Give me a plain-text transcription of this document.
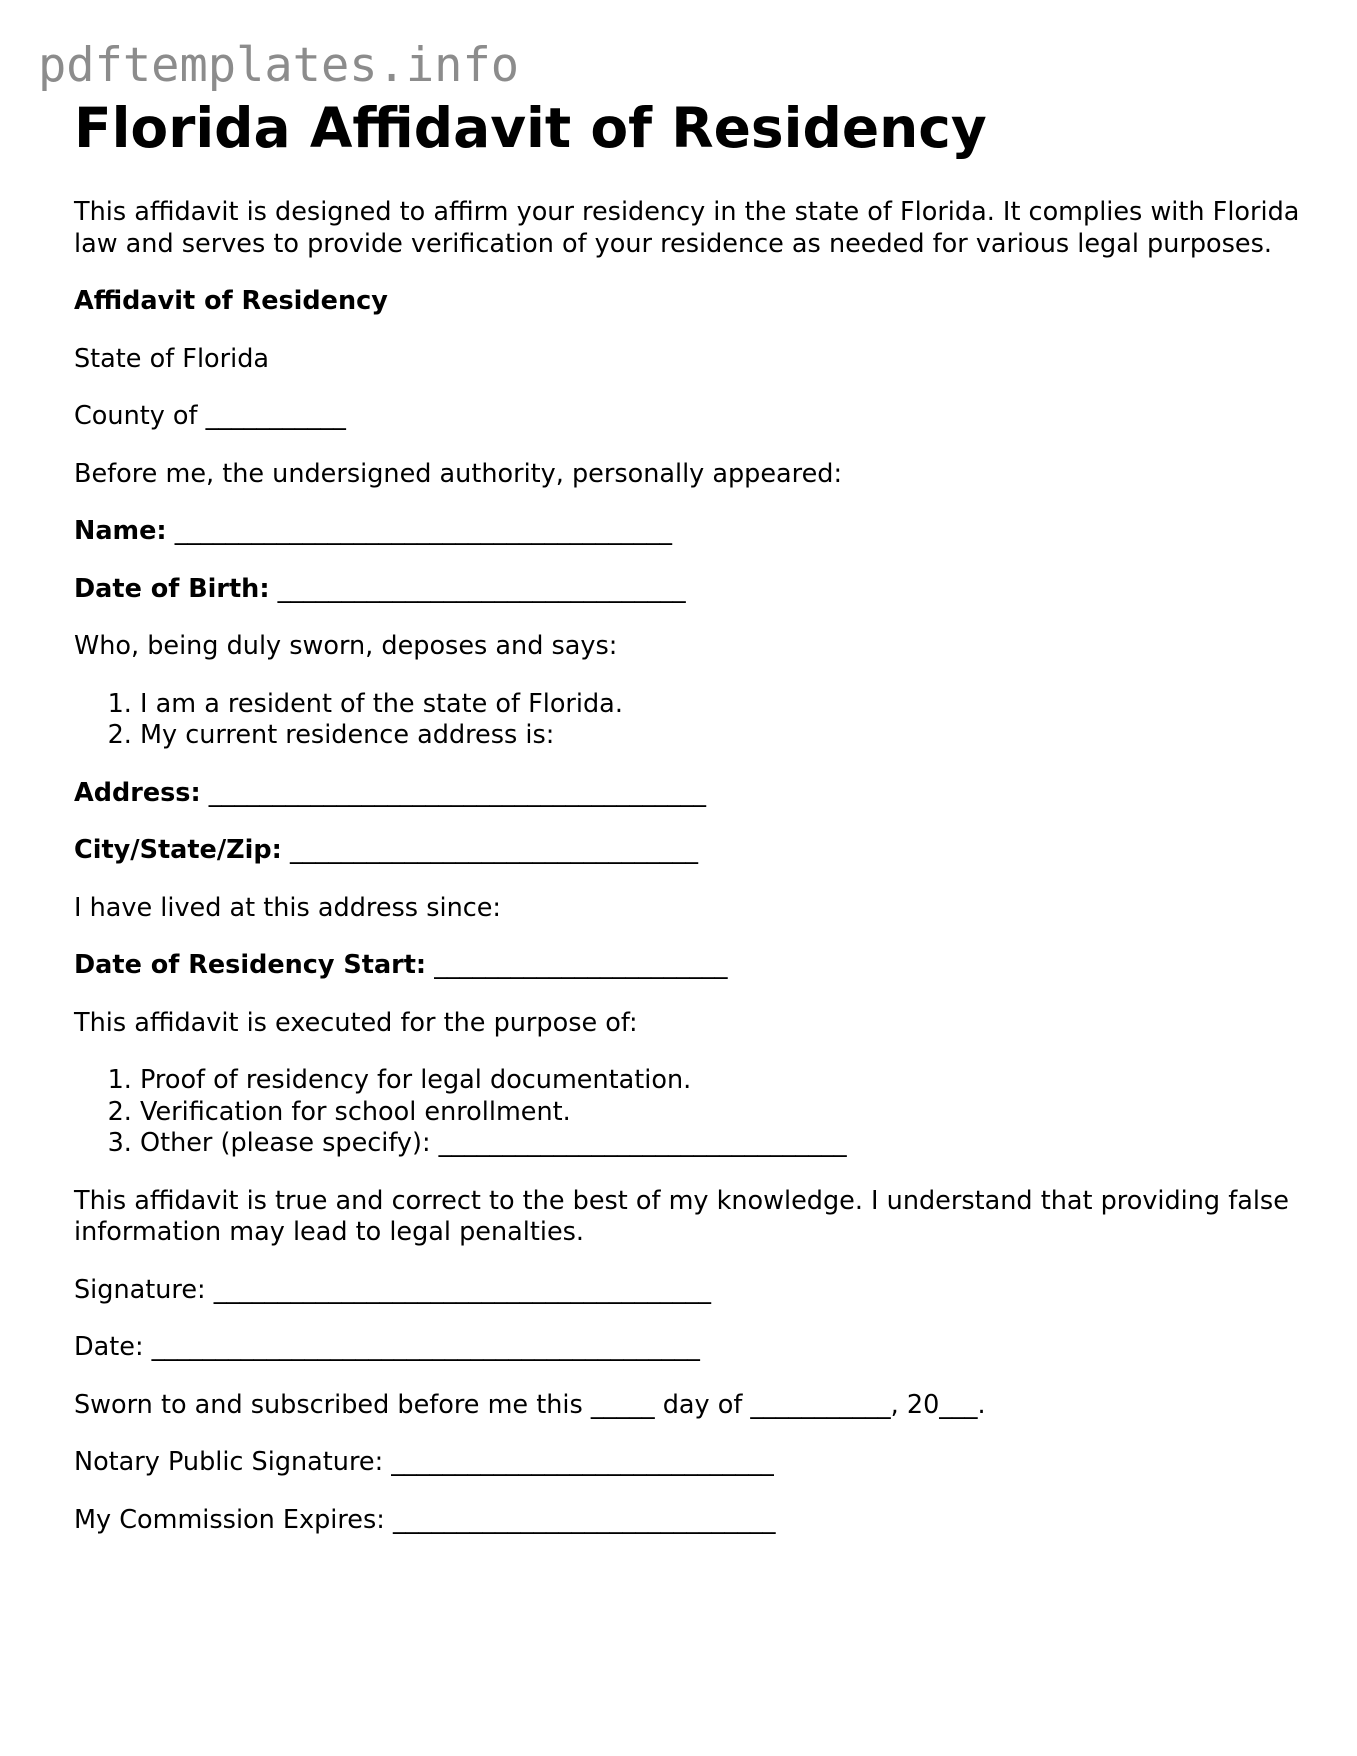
pdftemplates.info
Florida Affidavit of Residency

This affidavit is designed to affirm your residency in the state of Florida. It complies with Florida law and serves to provide verification of your residence as needed for various legal purposes.

Affidavit of Residency

State of Florida

County of ___________

Before me, the undersigned authority, personally appeared:

Name: _______________________________________

Date of Birth: ________________________________

Who, being duly sworn, deposes and says:

1. I am a resident of the state of Florida.
2. My current residence address is:

Address: _______________________________________

City/State/Zip: ________________________________

I have lived at this address since:

Date of Residency Start: _______________________

This affidavit is executed for the purpose of:

1. Proof of residency for legal documentation.
2. Verification for school enrollment.
3. Other (please specify): ________________________________

This affidavit is true and correct to the best of my knowledge. I understand that providing false information may lead to legal penalties.

Signature: _______________________________________

Date: ___________________________________________

Sworn to and subscribed before me this _____ day of ___________, 20___.

Notary Public Signature: ______________________________

My Commission Expires: ______________________________
